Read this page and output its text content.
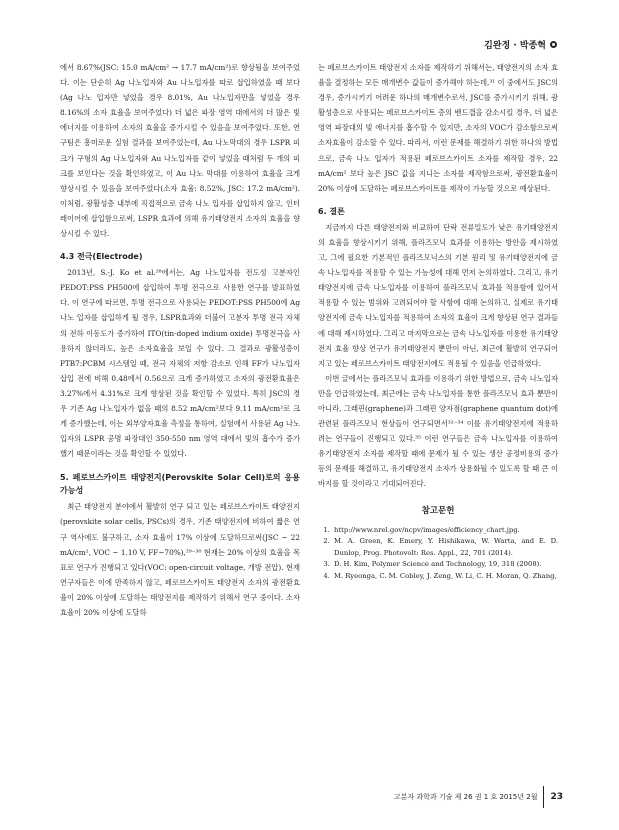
김완정 · 박종혁

에서 8.67%(JSC: 15.0 mA/cm² → 17.7 mA/cm²)로 향상됨을 보여주었다. 이는 단순히 Ag 나노입자와 Au 나노입자를 따로 삽입하였을 때 보다(Ag 나노 입자만 넣었을 경우 8.01%, Au 나노입자만을 넣었을 경우 8.16%의 소자 효율을 보여주었다) 더 넓은 파장 영역 대에서의 더 많은 빛 에너지를 이용하여 소자의 효율을 증가시킬 수 있음을 보여주었다. 또한, 연구팀은 흥미로운 실험 결과를 보여주었는데, Au 나노막대의 경우 LSPR 피크가 구형의 Ag 나노입자와 Au 나노입자를 같이 넣었을 때처럼 두 개의 피크를 보인다는 것을 확인하였고, 이 Au 나노 막대를 이용하여 효율을 크게 향상시킬 수 있음을 보여주었다(소자 효율: 8.52%, JSC: 17.2 mA/cm²). 이처럼, 광활성층 내부에 직접적으로 금속 나노 입자를 삽입하지 않고, 인터레이어에 삽입함으로써, LSPR 효과에 의해 유기태양전지 소자의 효율을 향상시킬 수 있다.

4.3 전극(Electrode)

2013년, S.-J. Ko et al.²⁸에서는, Ag 나노입자를 전도성 고분자인 PEDOT:PSS PH500에 삽입하여 투명 전극으로 사용한 연구를 발표하였다. 이 연구에 따르면, 투명 전극으로 사용되는 PEDOT:PSS PH500에 Ag 나노 입자를 삽입하게 될 경우, LSPR효과와 더불어 고분자 투명 전극 자체의 전하 이동도가 증가하여 ITO(tin-doped indium oxide) 투명전극을 사용하지 않더라도, 높은 소자효율을 보일 수 있다. 그 결과로 광활성층이 PTB7:PCBM 시스템일 때, 전극 자체의 저항 감소로 인해 FF가 나노입자 삽입 전에 비해 0.48에서 0.56으로 크게 증가하였고 소자의 광전환효율은 3.27%에서 4.31%로 크게 향상된 것을 확인할 수 있었다. 특히 JSC의 경우 기존 Ag 나노입자가 없을 때의 8.52 mA/cm²보다 9.11 mA/cm²로 크게 증가했는데, 이는 외부양자효율 측정을 통하여, 실험에서 사용된 Ag 나노입자의 LSPR 공명 파장대인 350-550 nm 영역 대에서 빛의 흡수가 증가했기 때문이라는 것을 확인할 수 있었다.

5. 페로브스카이트 태양전지(Perovskite Solar Cell)로의 응용 가능성

최근 태양전지 분야에서 활발히 연구 되고 있는 페로브스카이트 태양전지(perovskite solar cells, PSCs)의 경우, 기존 태양전지에 비하여 짧은 연구 역사에도 불구하고, 소자 효율이 17% 이상에 도달하므로써(JSC ~ 22 mA/cm², VOC ~ 1.10 V, FF~70%),²⁹⁻³⁰ 현재는 20% 이상의 효율을 목표로 연구가 진행되고 있다(VOC: open-circuit voltage, 개방 전압). 현재 연구자들은 이에 만족하지 않고, 페로브스카이트 태양전지 소자의 광전환효율이 20% 이상에 도달하는 태양전지를 제작하기 위해서 연구 중이다. 소자 효율이 20% 이상에 도달하

는 페로브스카이트 태양전지 소자를 제작하기 위해서는, 태양전지의 소자 효율을 결정하는 모든 매개변수 값들이 증가해야 하는데,³¹ 이 중에서도 JSC의 경우, 증가시키기 어려운 하나의 매개변수로서, JSC를 증가시키기 위해, 광활성층으로 사용되는 페로브스카이트 층의 밴드갭을 감소시킬 경우, 더 넓은 영역 파장대의 빛 에너지를 흡수할 수 있지만, 소자의 VOC가 감소함으로써 소자효율이 감소할 수 있다. 따라서, 이런 문제를 해결하기 위한 하나의 방법으로, 금속 나노 입자가 적용된 페로브스카이트 소자를 제작할 경우, 22 mA/cm² 보다 높은 JSC 값을 지니는 소자를 제작함으로써, 광전환효율이 20% 이상에 도달하는 페로브스카이트를 제작이 가능할 것으로 예상된다.

6. 결론

지금까지 다른 태양전지와 비교하여 단락 전류밀도가 낮은 유기태양전지의 효율을 향상시키기 위해, 플라즈모닉 효과를 이용하는 방안을 제시하였고, 그에 필요한 기본적인 플라즈모닉스의 기본 원리 및 유기태양전지에 금속 나노입자를 적용할 수 있는 가능성에 대해 먼저 논의하였다. 그리고, 유기태양전지에 금속 나노입자를 이용하여 플라즈모닉 효과를 적용함에 있어서 적용할 수 있는 범위와 고려되어야 할 사항에 대해 논의하고, 실제로 유기태양전지에 금속 나노입자를 적용하여 소자의 효율이 크게 향상된 연구 결과들에 대해 제시하였다. 그리고 마지막으로는 금속 나노입자를 이용한 유기태양전지 효율 향상 연구가 유기태양전지 뿐만이 아닌, 최근에 활발히 연구되어지고 있는 페로브스카이트 태양전지에도 적용될 수 있음을 언급하였다.

이번 글에서는 플라즈모닉 효과를 이용하기 위한 방법으로, 금속 나노입자 만을 언급하였는데, 최근에는 금속 나노입자를 통한 플라즈모닉 효과 뿐만이 아니라, 그래핀(graphene)과 그래핀 양자점(graphene quantum dot)에 관련된 플라즈모닉 현상들이 연구되면서³²⁻³⁴ 이를 유기태양전지에 적용하려는 연구들이 진행되고 있다.³⁵ 이런 연구들은 금속 나노입자를 이용하여 유기태양전지 소자를 제작할 때에 문제가 될 수 있는 생산 공정비용의 증가 등의 문제를 해결하고, 유기태양전지 소자가 상용화될 수 있도록 할 때 큰 이바지를 할 것이라고 기대되어진다.

참고문헌
1. http://www.nrel.gov/ncpv/images/efficiency_chart.jpg.
2. M. A. Green, K. Emery, Y. Hishikawa, W. Warta, and E. D. Dunlop, Prog. Photovolt: Res. Appl., 22, 701 (2014).
3. D. H. Kim, Polymer Science and Technology, 19, 318 (2008).
4. M. Ryeonga, C. M. Cobley, J. Zeng, W. Li, C. H. Moran, Q. Zhang,
고분자 과학과 기술 제 26 권 1 호 2015년 2월 23
